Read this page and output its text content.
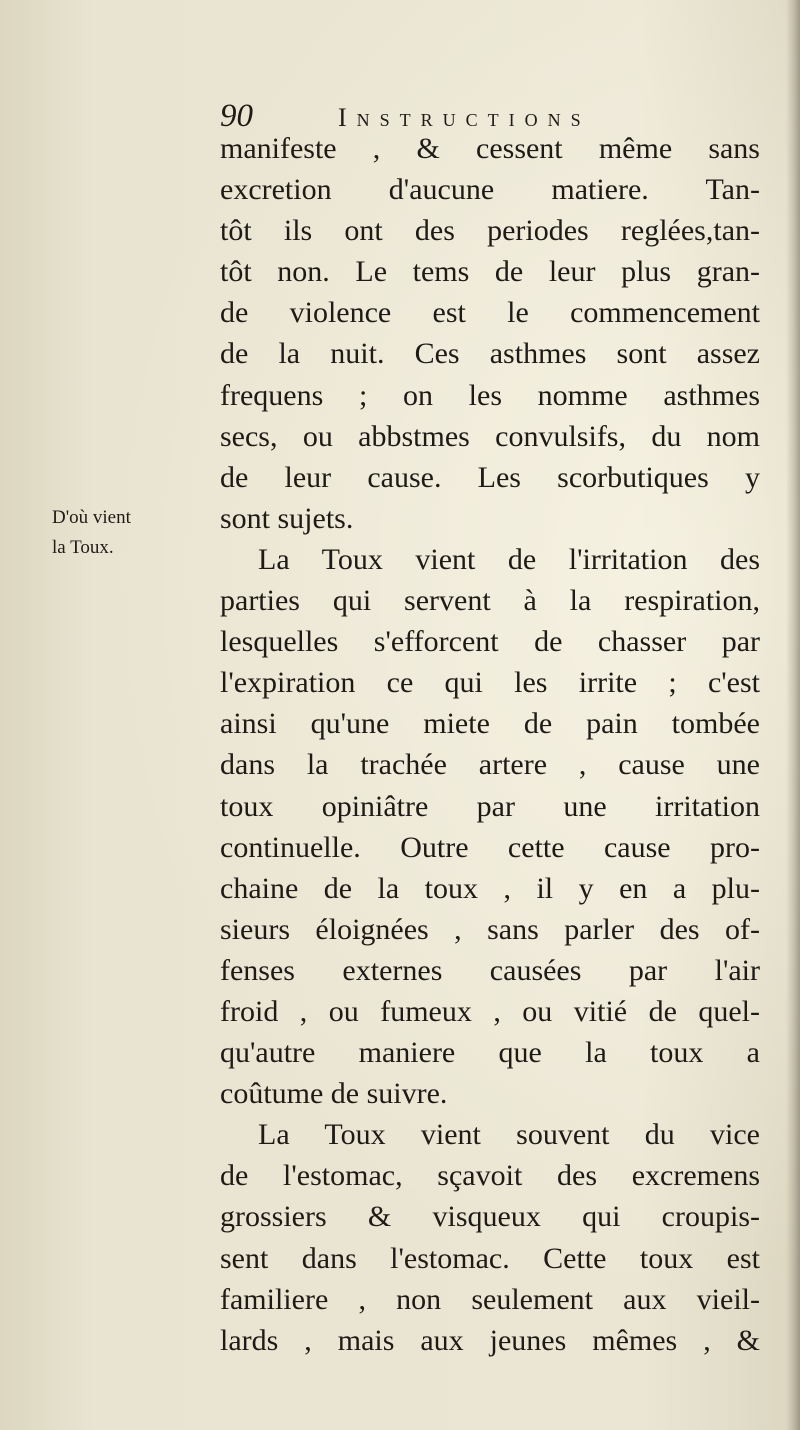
90	Instructions
D'où vient
la Toux.
manifeste , & cessent même sans
excretion d'aucune matiere. Tan-
tôt ils ont des periodes reglées,tan-
tôt non. Le tems de leur plus gran-
de violence est le commencement
de la nuit. Ces asthmes sont assez
frequens ; on les nomme asthmes
secs, ou abbstmes convulsifs, du nom
de leur cause. Les scorbutiques y
sont sujets.
La Toux vient de l'irritation des
parties qui servent à la respiration,
lesquelles s'efforcent de chasser par
l'expiration ce qui les irrite ; c'est
ainsi qu'une miete de pain tombée
dans la trachée artere , cause une
toux opiniâtre par une irritation
continuelle. Outre cette cause pro-
chaine de la toux , il y en a plu-
sieurs éloignées , sans parler des of-
fenses externes causées par l'air
froid , ou fumeux , ou vitié de quel-
qu'autre maniere que la toux a
coûtume de suivre.
La Toux vient souvent du vice
de l'estomac, sçavoit des excremens
grossiers & visqueux qui croupis-
sent dans l'estomac. Cette toux est
familiere , non seulement aux vieil-
lards , mais aux jeunes mêmes , &
